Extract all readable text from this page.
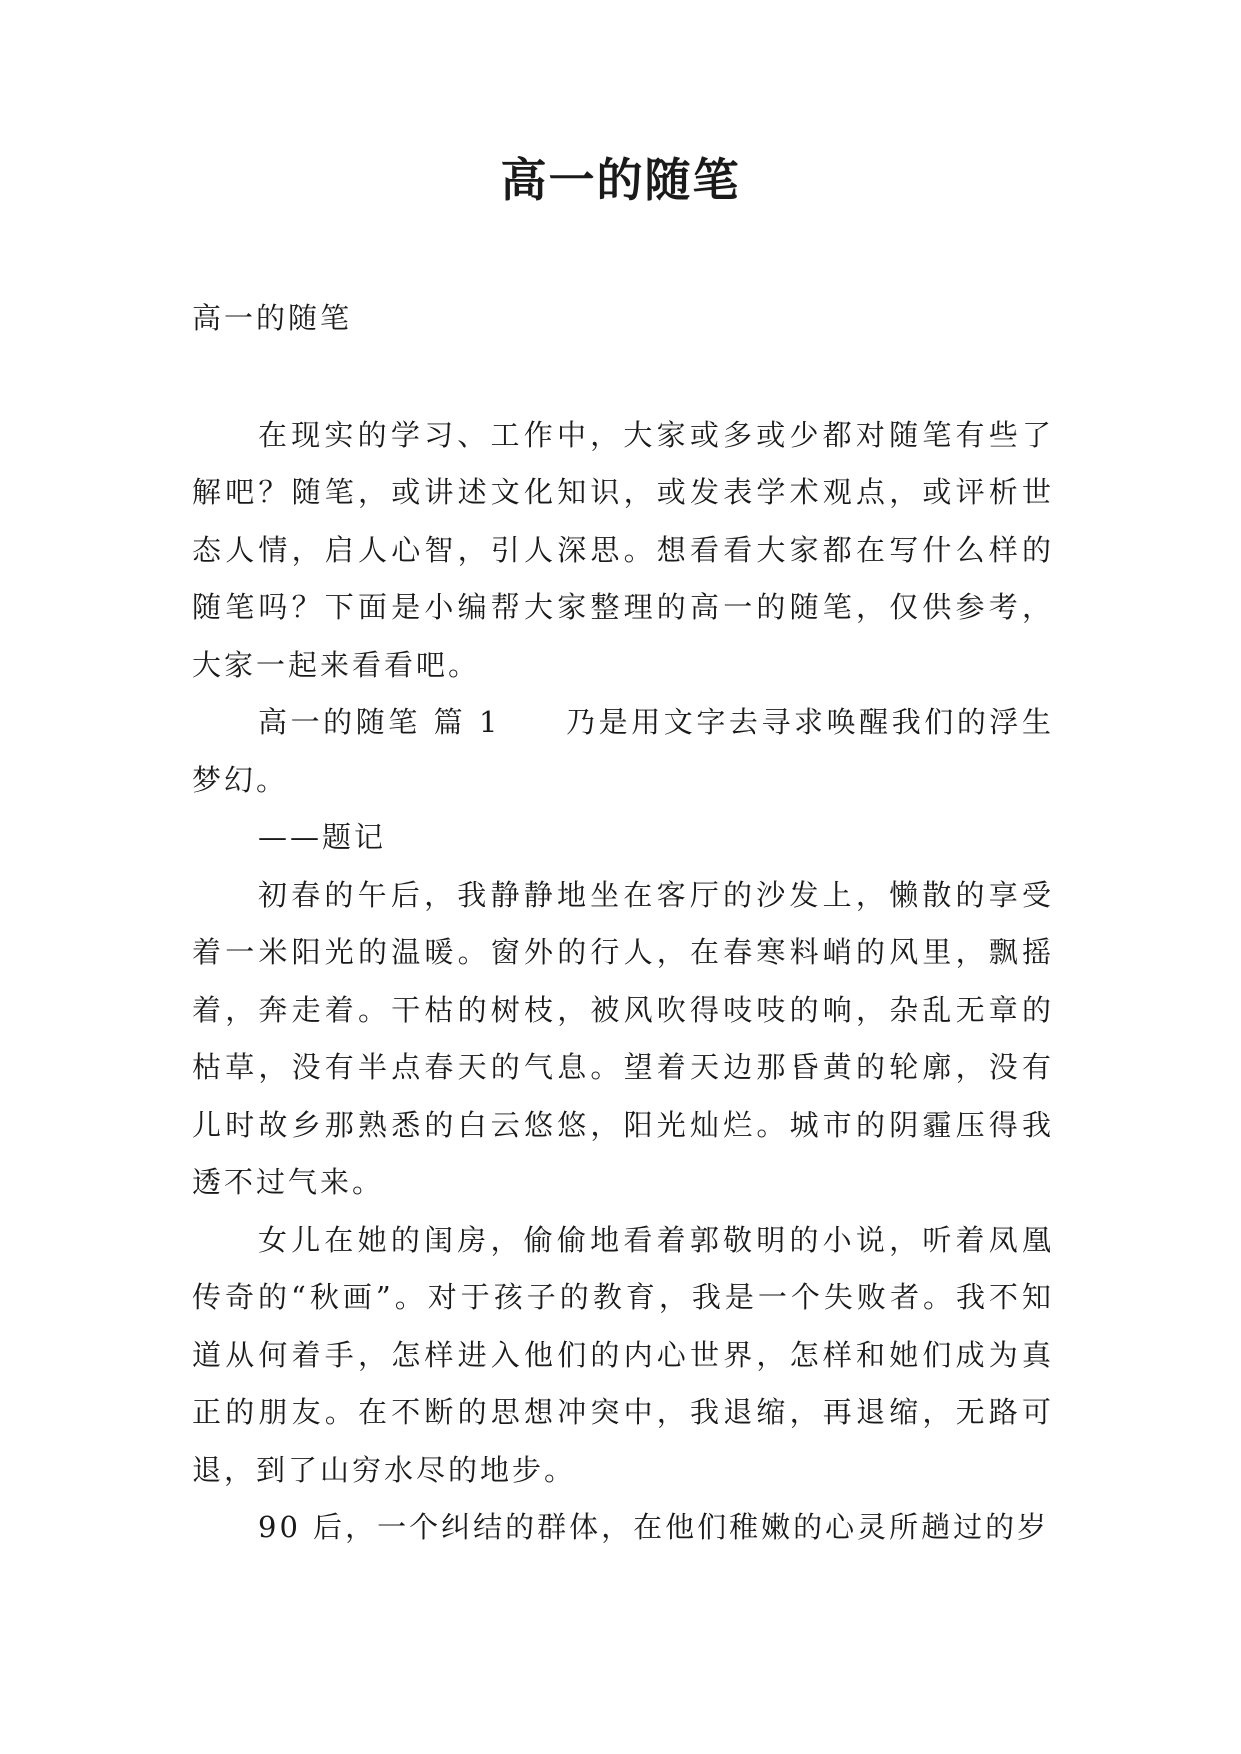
高一的随笔

高一的随笔

在现实的学习、工作中，大家或多或少都对随笔有些了解吧？随笔，或讲述文化知识，或发表学术观点，或评析世态人情，启人心智，引人深思。想看看大家都在写什么样的随笔吗？下面是小编帮大家整理的高一的随笔，仅供参考，大家一起来看看吧。

高一的随笔 篇 1　　乃是用文字去寻求唤醒我们的浮生梦幻。

——题记

初春的午后，我静静地坐在客厅的沙发上，懒散的享受着一米阳光的温暖。窗外的行人，在春寒料峭的风里，飘摇着，奔走着。干枯的树枝，被风吹得吱吱的响，杂乱无章的枯草，没有半点春天的气息。望着天边那昏黄的轮廓，没有儿时故乡那熟悉的白云悠悠，阳光灿烂。城市的阴霾压得我透不过气来。

女儿在她的闺房，偷偷地看着郭敬明的小说，听着凤凰传奇的“秋画”。对于孩子的教育，我是一个失败者。我不知道从何着手，怎样进入他们的内心世界，怎样和她们成为真正的朋友。在不断的思想冲突中，我退缩，再退缩，无路可退，到了山穷水尽的地步。

90 后，一个纠结的群体，在他们稚嫩的心灵所趟过的岁
